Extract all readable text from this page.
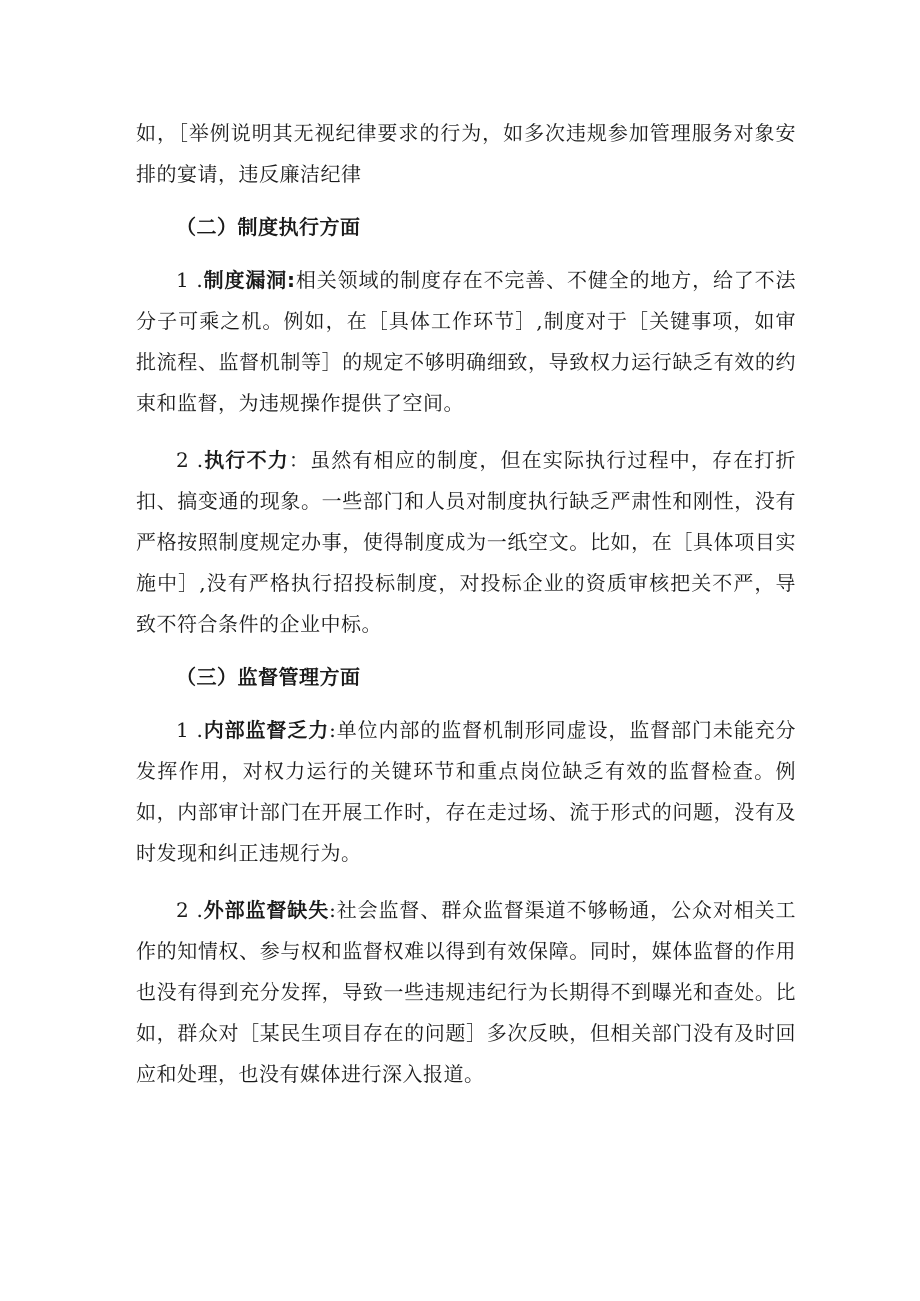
如，［举例说明其无视纪律要求的行为，如多次违规参加管理服务对象安排的宴请，违反廉洁纪律

（二）制度执行方面

1 .制度漏洞:相关领域的制度存在不完善、不健全的地方，给了不法分子可乘之机。例如，在［具体工作环节］,制度对于［关键事项，如审批流程、监督机制等］的规定不够明确细致，导致权力运行缺乏有效的约束和监督，为违规操作提供了空间。

2 .执行不力：虽然有相应的制度，但在实际执行过程中，存在打折扣、搞变通的现象。一些部门和人员对制度执行缺乏严肃性和刚性，没有严格按照制度规定办事，使得制度成为一纸空文。比如，在［具体项目实施中］,没有严格执行招投标制度，对投标企业的资质审核把关不严，导致不符合条件的企业中标。

（三）监督管理方面

1 .内部监督乏力:单位内部的监督机制形同虚设，监督部门未能充分发挥作用，对权力运行的关键环节和重点岗位缺乏有效的监督检查。例如，内部审计部门在开展工作时，存在走过场、流于形式的问题，没有及时发现和纠正违规行为。

2 .外部监督缺失:社会监督、群众监督渠道不够畅通，公众对相关工作的知情权、参与权和监督权难以得到有效保障。同时，媒体监督的作用也没有得到充分发挥，导致一些违规违纪行为长期得不到曝光和查处。比如，群众对［某民生项目存在的问题］多次反映，但相关部门没有及时回应和处理，也没有媒体进行深入报道。
